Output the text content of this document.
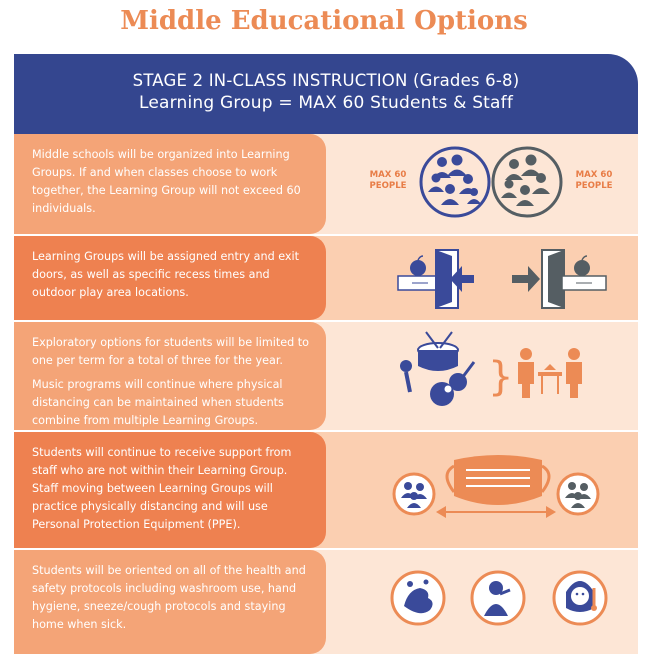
Middle Educational Options
STAGE 2 IN-CLASS INSTRUCTION (Grades 6-8)
Learning Group = MAX 60 Students & Staff
Middle schools will be organized into Learning Groups. If and when classes choose to work together, the Learning Group will not exceed 60 individuals.
MAX 60
PEOPLE
MAX 60
PEOPLE
Learning Groups will be assigned entry and exit doors, as well as specific recess times and outdoor play area locations.
Exploratory options for students will be limited to one per term for a total of three for the year.
Music programs will continue where physical distancing can be maintained when students combine from multiple Learning Groups.
}
Students will continue to receive support from staff who are not within their Learning Group. Staff moving between Learning Groups will practice physically distancing and will use Personal Protection Equipment (PPE).
Students will be oriented on all of the health and safety protocols including washroom use, hand hygiene, sneeze/cough protocols and staying home when sick.
